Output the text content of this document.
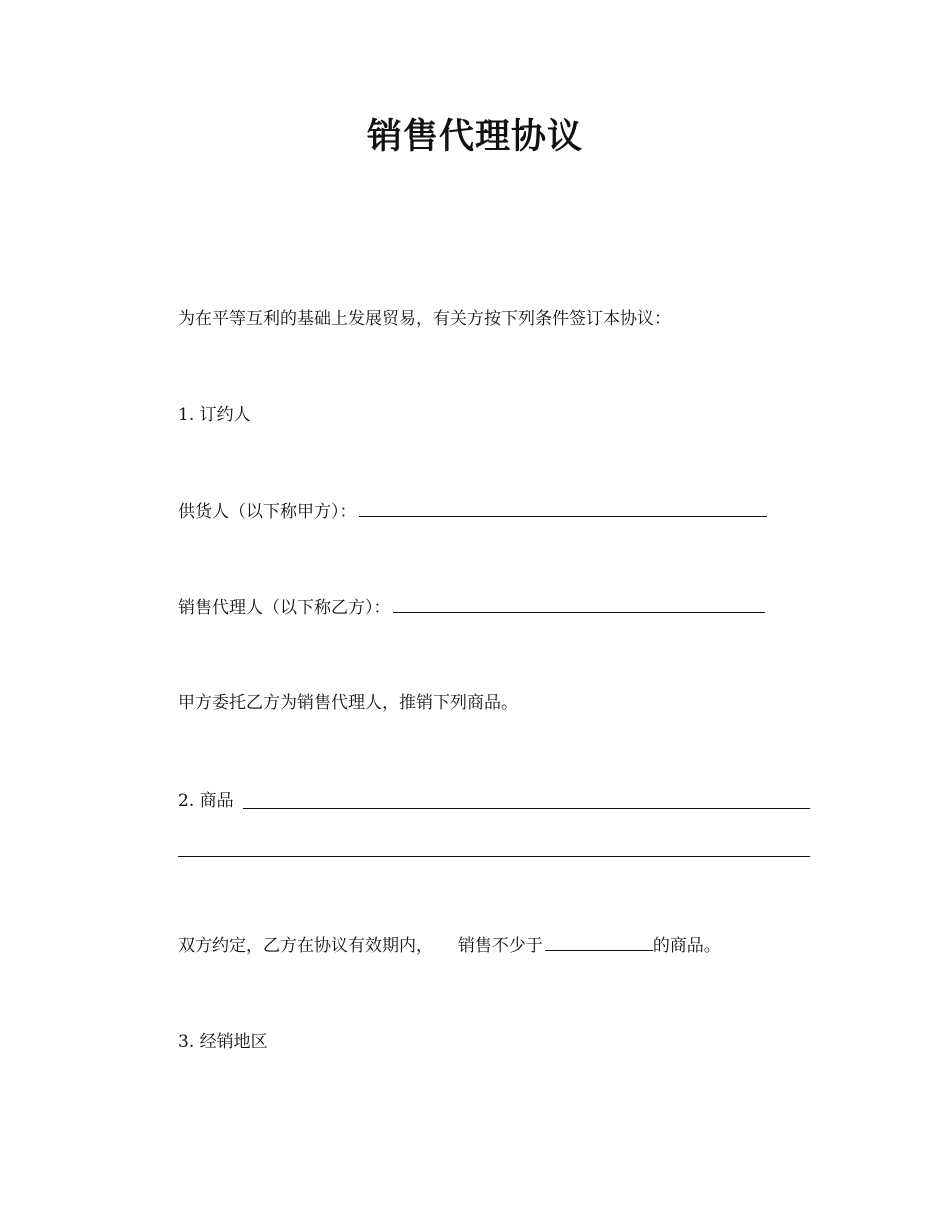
销售代理协议
为在平等互利的基础上发展贸易，有关方按下列条件签订本协议：
1. 订约人
供货人（以下称甲方）：
销售代理人（以下称乙方）：
甲方委托乙方为销售代理人，推销下列商品。
2. 商品
双方约定，乙方在协议有效期内， 销售不少于	的商品。
3. 经销地区
